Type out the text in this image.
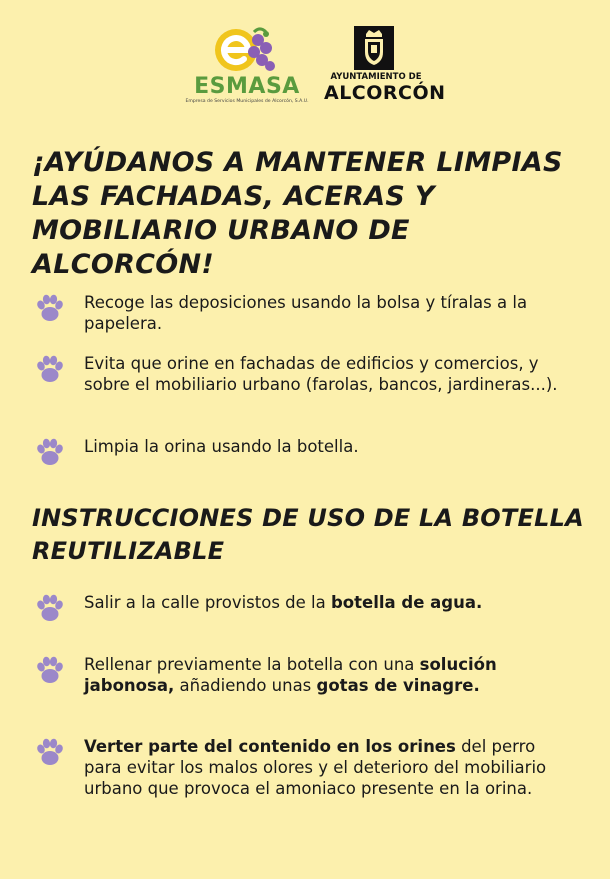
ESMASA
Empresa de Servicios Municipales de Alcorcón, S.A.U.
AYUNTAMIENTO DE
ALCORCÓN
¡AYÚDANOS A MANTENER LIMPIAS
LAS FACHADAS, ACERAS Y
MOBILIARIO URBANO DE ALCORCÓN!
Recoge las deposiciones usando la bolsa y tíralas a la papelera.
Evita que orine en fachadas de edificios y comercios, y sobre el mobiliario urbano (farolas, bancos, jardineras...).
Limpia la orina usando la botella.
INSTRUCCIONES DE USO DE LA BOTELLA
REUTILIZABLE
Salir a la calle provistos de la botella de agua.
Rellenar previamente la botella con una solución jabonosa, añadiendo unas gotas de vinagre.
Verter parte del contenido en los orines del perro para evitar los malos olores y el deterioro del mobiliario urbano que provoca el amoniaco presente en la orina.
